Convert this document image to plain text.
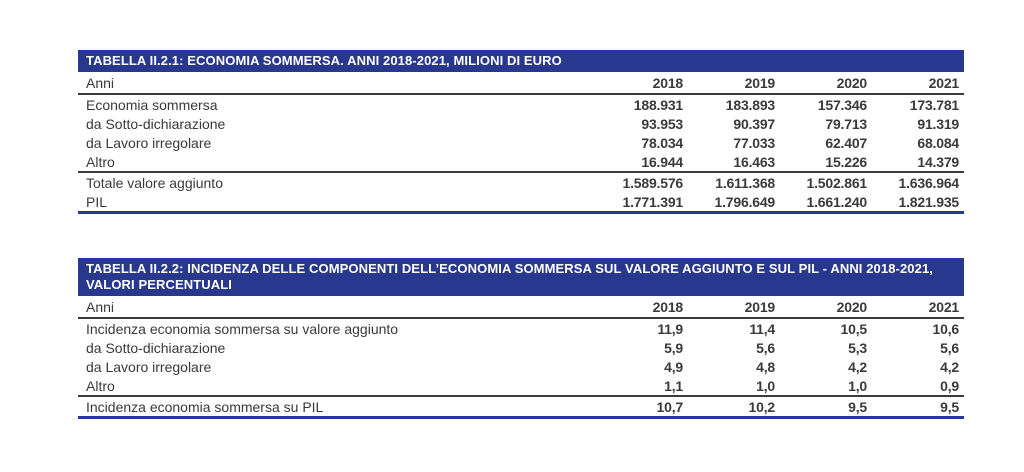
TABELLA II.2.1: ECONOMIA SOMMERSA. ANNI 2018-2021, MILIONI DI EURO
Anni	2018	2019	2020	2021
Economia sommersa	188.931	183.893	157.346	173.781
da Sotto-dichiarazione	93.953	90.397	79.713	91.319
da Lavoro irregolare	78.034	77.033	62.407	68.084
Altro	16.944	16.463	15.226	14.379
Totale valore aggiunto	1.589.576	1.611.368	1.502.861	1.636.964
PIL	1.771.391	1.796.649	1.661.240	1.821.935
TABELLA II.2.2: INCIDENZA DELLE COMPONENTI DELL’ECONOMIA SOMMERSA SUL VALORE AGGIUNTO E SUL PIL - ANNI 2018-2021, VALORI PERCENTUALI
Anni	2018	2019	2020	2021
Incidenza economia sommersa su valore aggiunto	11,9	11,4	10,5	10,6
da Sotto-dichiarazione	5,9	5,6	5,3	5,6
da Lavoro irregolare	4,9	4,8	4,2	4,2
Altro	1,1	1,0	1,0	0,9
Incidenza economia sommersa su PIL	10,7	10,2	9,5	9,5
